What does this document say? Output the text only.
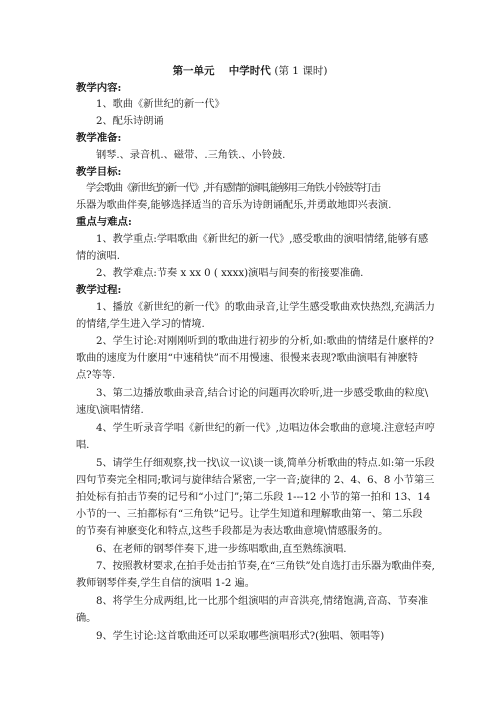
第一单元　 中学时代 (第 1 课时)
教学内容:
1、歌曲《新世纪的新一代》
2、配乐诗朗诵
教学准备:
钢琴.、录音机.、磁带、.三角铁.、小铃鼓.
教学目标:
学会歌曲《新世纪的新一代》,并有感情的演唱,能够用三角铁.小铃鼓等打击
乐器为歌曲伴奏,能够选择适当的音乐为诗朗诵配乐,并勇敢地即兴表演.
重点与难点:
1、教学重点:学唱歌曲《新世纪的新一代》,感受歌曲的演唱情绪,能够有感
情的演唱.
2、教学难点:节奏 x xx 0 ( xxxx)演唱与间奏的衔接要准确.
教学过程:
1、播放《新世纪的新一代》的歌曲录音,让学生感受歌曲欢快热烈,充满活力
的情绪,学生进入学习的情境.
2、学生讨论:对刚刚听到的歌曲进行初步的分析,如:歌曲的情绪是什麽样的?
歌曲的速度为什麽用“中速稍快”而不用慢速、很慢来表现?歌曲演唱有神麽特
点?等等.
3、第二边播放歌曲录音,结合讨论的问题再次聆听,进一步感受歌曲的粒度\
速度\演唱情绪.
4、学生听录音学唱《新世纪的新一代》,边唱边体会歌曲的意境.注意轻声哼
唱.
5、请学生仔细观察,找一找\议一议\谈一谈,简单分析歌曲的特点.如:第一乐段
四句节奏完全相同;歌词与旋律结合紧密,一字一音;旋律的 2、4、6、8 小节第三
拍处标有拍击节奏的记号和“小过门”;第二乐段 1---12 小节的第一拍和 13、14
小节的一、三拍都标有“三角铁”记号。让学生知道和理解歌曲第一、第二乐段
的节奏有神麽变化和特点,这些手段都是为表达歌曲意境\情感服务的。
6、在老师的钢琴伴奏下,进一步练唱歌曲,直至熟练演唱.
7、按照教材要求,在拍手处击拍节奏,在“三角铁”处自选打击乐器为歌曲伴奏,
教师钢琴伴奏,学生自信的演唱 1-2 遍。
8、将学生分成两组,比一比那个组演唱的声音洪亮,情绪饱满,音高、节奏准
确。
9、学生讨论:这首歌曲还可以采取哪些演唱形式?(独唱、领唱等)
